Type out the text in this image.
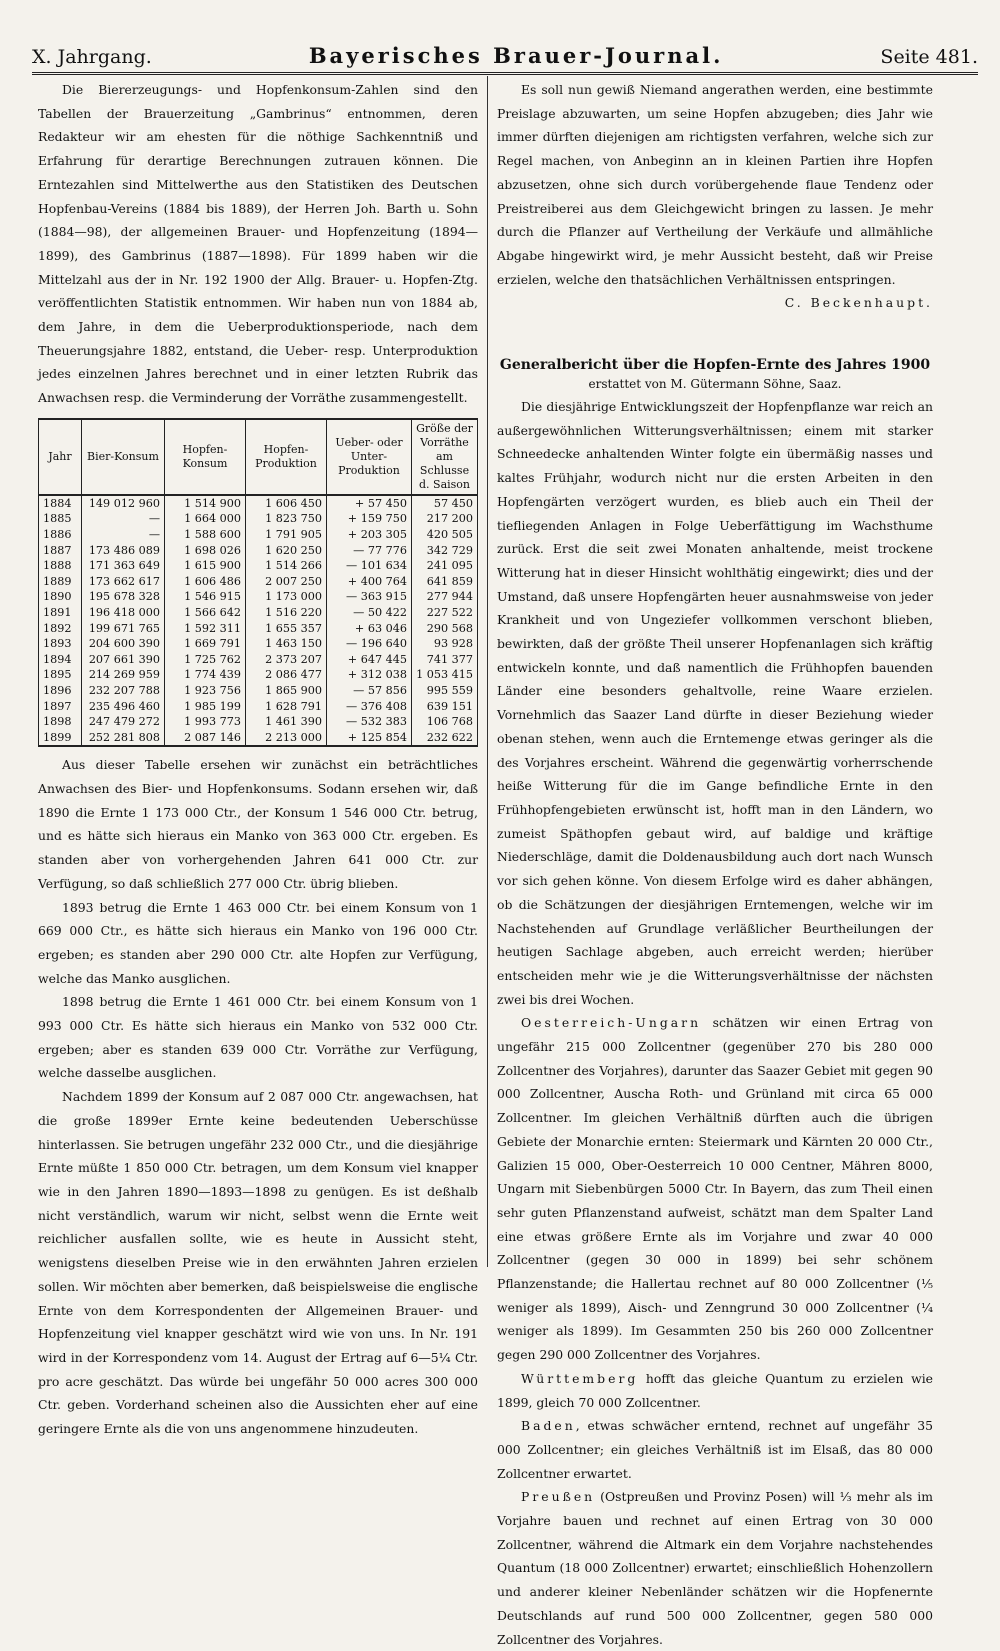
X. Jahrgang.	Bayerisches Brauer-Journal.	Seite 481.

Die Biererzeugungs- und Hopfenkonsum-Zahlen sind den Tabellen der Brauerzeitung „Gambrinus“ entnommen, deren Redakteur wir am ehesten für die nöthige Sachkenntniß und Erfahrung für derartige Berechnungen zutrauen können. Die Erntezahlen sind Mittelwerthe aus den Statistiken des Deutschen Hopfenbau-Vereins (1884 bis 1889), der Herren Joh. Barth u. Sohn (1884—98), der allgemeinen Brauer- und Hopfenzeitung (1894—1899), des Gambrinus (1887—1898). Für 1899 haben wir die Mittelzahl aus der in Nr. 192 1900 der Allg. Brauer- u. Hopfen-Ztg. veröffentlichten Statistik entnommen. Wir haben nun von 1884 ab, dem Jahre, in dem die Ueberproduktionsperiode, nach dem Theuerungsjahre 1882, entstand, die Ueber- resp. Unterproduktion jedes einzelnen Jahres berechnet und in einer letzten Rubrik das Anwachsen resp. die Verminderung der Vorräthe zusammengestellt.

Jahr	Bier-Konsum	Hopfen-Konsum	Hopfen-Produktion	Ueber- oder Unter-Produktion	Größe der Vorräthe am Schlusse d. Saison
1884	149 012 960	1 514 900	1 606 450	+ 57 450	57 450
1885	—	1 664 000	1 823 750	+ 159 750	217 200
1886	—	1 588 600	1 791 905	+ 203 305	420 505
1887	173 486 089	1 698 026	1 620 250	— 77 776	342 729
1888	171 363 649	1 615 900	1 514 266	— 101 634	241 095
1889	173 662 617	1 606 486	2 007 250	+ 400 764	641 859
1890	195 678 328	1 546 915	1 173 000	— 363 915	277 944
1891	196 418 000	1 566 642	1 516 220	— 50 422	227 522
1892	199 671 765	1 592 311	1 655 357	+ 63 046	290 568
1893	204 600 390	1 669 791	1 463 150	— 196 640	93 928
1894	207 661 390	1 725 762	2 373 207	+ 647 445	741 377
1895	214 269 959	1 774 439	2 086 477	+ 312 038	1 053 415
1896	232 207 788	1 923 756	1 865 900	— 57 856	995 559
1897	235 496 460	1 985 199	1 628 791	— 376 408	639 151
1898	247 479 272	1 993 773	1 461 390	— 532 383	106 768
1899	252 281 808	2 087 146	2 213 000	+ 125 854	232 622

Aus dieser Tabelle ersehen wir zunächst ein beträchtliches Anwachsen des Bier- und Hopfenkonsums. Sodann ersehen wir, daß 1890 die Ernte 1 173 000 Ctr., der Konsum 1 546 000 Ctr. betrug, und es hätte sich hieraus ein Manko von 363 000 Ctr. ergeben. Es standen aber von vorhergehenden Jahren 641 000 Ctr. zur Verfügung, so daß schließlich 277 000 Ctr. übrig blieben.

1893 betrug die Ernte 1 463 000 Ctr. bei einem Konsum von 1 669 000 Ctr., es hätte sich hieraus ein Manko von 196 000 Ctr. ergeben; es standen aber 290 000 Ctr. alte Hopfen zur Verfügung, welche das Manko ausglichen.

1898 betrug die Ernte 1 461 000 Ctr. bei einem Konsum von 1 993 000 Ctr. Es hätte sich hieraus ein Manko von 532 000 Ctr. ergeben; aber es standen 639 000 Ctr. Vorräthe zur Verfügung, welche dasselbe ausglichen.

Nachdem 1899 der Konsum auf 2 087 000 Ctr. angewachsen, hat die große 1899er Ernte keine bedeutenden Ueberschüsse hinterlassen. Sie betrugen ungefähr 232 000 Ctr., und die diesjährige Ernte müßte 1 850 000 Ctr. betragen, um dem Konsum viel knapper wie in den Jahren 1890—1893—1898 zu genügen. Es ist deßhalb nicht verständlich, warum wir nicht, selbst wenn die Ernte weit reichlicher ausfallen sollte, wie es heute in Aussicht steht, wenigstens dieselben Preise wie in den erwähnten Jahren erzielen sollen. Wir möchten aber bemerken, daß beispielsweise die englische Ernte von dem Korrespondenten der Allgemeinen Brauer- und Hopfenzeitung viel knapper geschätzt wird wie von uns. In Nr. 191 wird in der Korrespondenz vom 14. August der Ertrag auf 6—5¼ Ctr. pro acre geschätzt. Das würde bei ungefähr 50 000 acres 300 000 Ctr. geben. Vorderhand scheinen also die Aussichten eher auf eine geringere Ernte als die von uns angenommene hinzudeuten.

Es soll nun gewiß Niemand angerathen werden, eine bestimmte Preislage abzuwarten, um seine Hopfen abzugeben; dies Jahr wie immer dürften diejenigen am richtigsten verfahren, welche sich zur Regel machen, von Anbeginn an in kleinen Partien ihre Hopfen abzusetzen, ohne sich durch vorübergehende flaue Tendenz oder Preistreiberei aus dem Gleichgewicht bringen zu lassen. Je mehr durch die Pflanzer auf Vertheilung der Verkäufe und allmähliche Abgabe hingewirkt wird, je mehr Aussicht besteht, daß wir Preise erzielen, welche den thatsächlichen Verhältnissen entspringen.

C. Beckenhaupt.

Generalbericht über die Hopfen-Ernte des Jahres 1900
erstattet von M. Gütermann Söhne, Saaz.

Die diesjährige Entwicklungszeit der Hopfenpflanze war reich an außergewöhnlichen Witterungsverhältnissen; einem mit starker Schneedecke anhaltenden Winter folgte ein übermäßig nasses und kaltes Frühjahr, wodurch nicht nur die ersten Arbeiten in den Hopfengärten verzögert wurden, es blieb auch ein Theil der tiefliegenden Anlagen in Folge Ueberfättigung im Wachsthume zurück. Erst die seit zwei Monaten anhaltende, meist trockene Witterung hat in dieser Hinsicht wohlthätig eingewirkt; dies und der Umstand, daß unsere Hopfengärten heuer ausnahmsweise von jeder Krankheit und von Ungeziefer vollkommen verschont blieben, bewirkten, daß der größte Theil unserer Hopfenanlagen sich kräftig entwickeln konnte, und daß namentlich die Frühhopfen bauenden Länder eine besonders gehaltvolle, reine Waare erzielen. Vornehmlich das Saazer Land dürfte in dieser Beziehung wieder obenan stehen, wenn auch die Erntemenge etwas geringer als die des Vorjahres erscheint. Während die gegenwärtig vorherrschende heiße Witterung für die im Gange befindliche Ernte in den Frühhopfengebieten erwünscht ist, hofft man in den Ländern, wo zumeist Späthopfen gebaut wird, auf baldige und kräftige Niederschläge, damit die Doldenausbildung auch dort nach Wunsch vor sich gehen könne. Von diesem Erfolge wird es daher abhängen, ob die Schätzungen der diesjährigen Erntemengen, welche wir im Nachstehenden auf Grundlage verläßlicher Beurtheilungen der heutigen Sachlage abgeben, auch erreicht werden; hierüber entscheiden mehr wie je die Witterungsverhältnisse der nächsten zwei bis drei Wochen.

Oesterreich-Ungarn schätzen wir einen Ertrag von ungefähr 215 000 Zollcentner (gegenüber 270 bis 280 000 Zollcentner des Vorjahres), darunter das Saazer Gebiet mit gegen 90 000 Zollcentner, Auscha Roth- und Grünland mit circa 65 000 Zollcentner. Im gleichen Verhältniß dürften auch die übrigen Gebiete der Monarchie ernten: Steiermark und Kärnten 20 000 Ctr., Galizien 15 000, Ober-Oesterreich 10 000 Centner, Mähren 8000, Ungarn mit Siebenbürgen 5000 Ctr. In Bayern, das zum Theil einen sehr guten Pflanzenstand aufweist, schätzt man dem Spalter Land eine etwas größere Ernte als im Vorjahre und zwar 40 000 Zollcentner (gegen 30 000 in 1899) bei sehr schönem Pflanzenstande; die Hallertau rechnet auf 80 000 Zollcentner (⅕ weniger als 1899), Aisch- und Zenngrund 30 000 Zollcentner (¼ weniger als 1899). Im Gesammten 250 bis 260 000 Zollcentner gegen 290 000 Zollcentner des Vorjahres.

Württemberg hofft das gleiche Quantum zu erzielen wie 1899, gleich 70 000 Zollcentner.

Baden, etwas schwächer erntend, rechnet auf ungefähr 35 000 Zollcentner; ein gleiches Verhältniß ist im Elsaß, das 80 000 Zollcentner erwartet.

Preußen (Ostpreußen und Provinz Posen) will ⅓ mehr als im Vorjahre bauen und rechnet auf einen Ertrag von 30 000 Zollcentner, während die Altmark ein dem Vorjahre nachstehendes Quantum (18 000 Zollcentner) erwartet; einschließlich Hohenzollern und anderer kleiner Nebenländer schätzen wir die Hopfenernte Deutschlands auf rund 500 000 Zollcentner, gegen 580 000 Zollcentner des Vorjahres.
